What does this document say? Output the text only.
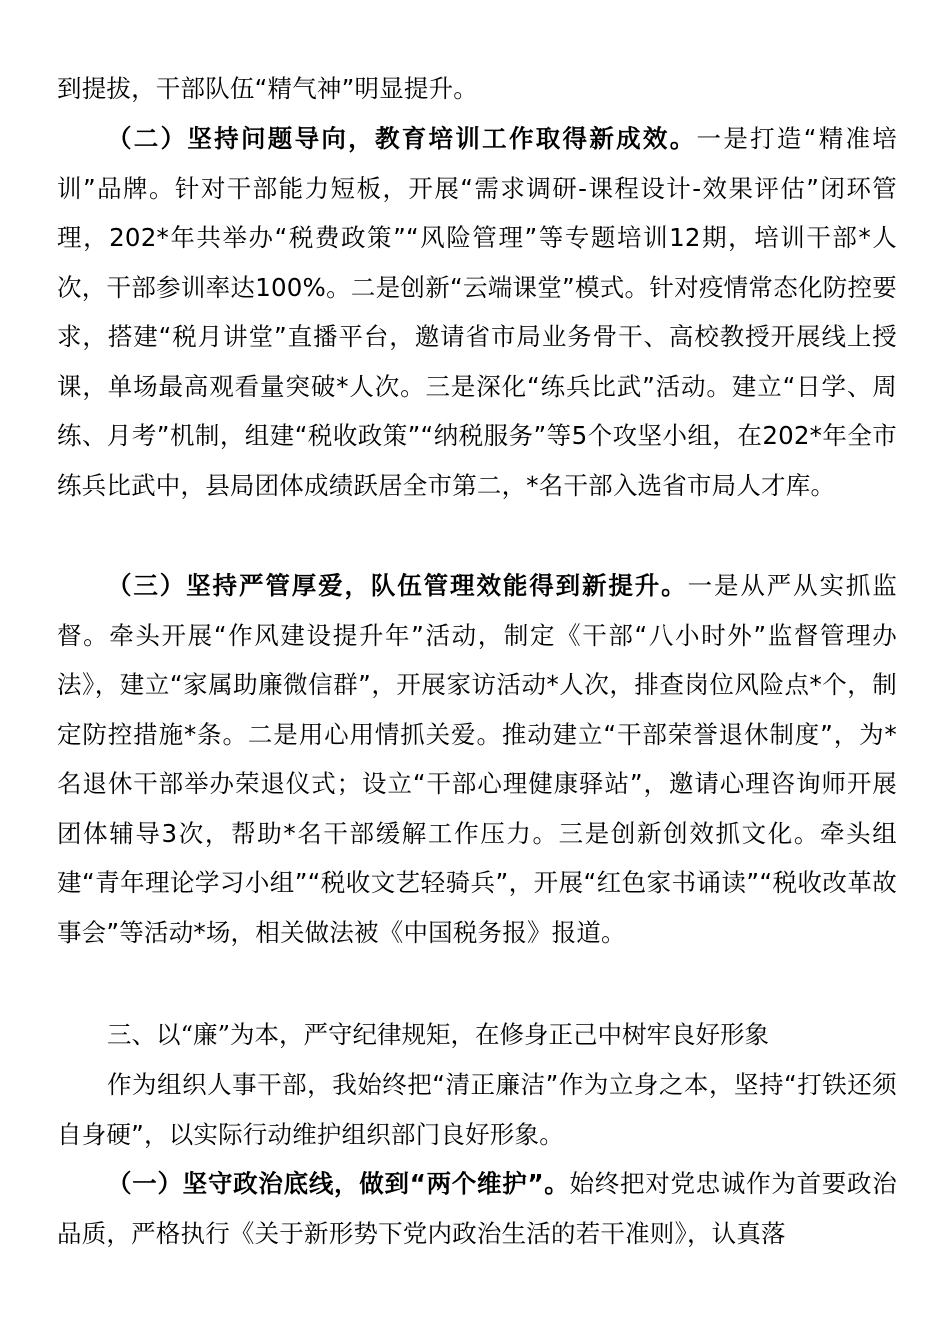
到提拔，干部队伍“精气神”明显提升。

（二）坚持问题导向，教育培训工作取得新成效。一是打造“精准培训”品牌。针对干部能力短板，开展“需求调研-课程设计-效果评估”闭环管理，202*年共举办“税费政策”“风险管理”等专题培训12期，培训干部*人次，干部参训率达100%。二是创新“云端课堂”模式。针对疫情常态化防控要求，搭建“税月讲堂”直播平台，邀请省市局业务骨干、高校教授开展线上授课，单场最高观看量突破*人次。三是深化“练兵比武”活动。建立“日学、周练、月考”机制，组建“税收政策”“纳税服务”等5个攻坚小组，在202*年全市练兵比武中，县局团体成绩跃居全市第二，*名干部入选省市局人才库。

（三）坚持严管厚爱，队伍管理效能得到新提升。一是从严从实抓监督。牵头开展“作风建设提升年”活动，制定《干部“八小时外”监督管理办法》，建立“家属助廉微信群”，开展家访活动*人次，排查岗位风险点*个，制定防控措施*条。二是用心用情抓关爱。推动建立“干部荣誉退休制度”，为*名退休干部举办荣退仪式；设立“干部心理健康驿站”，邀请心理咨询师开展团体辅导3次，帮助*名干部缓解工作压力。三是创新创效抓文化。牵头组建“青年理论学习小组”“税收文艺轻骑兵”，开展“红色家书诵读”“税收改革故事会”等活动*场，相关做法被《中国税务报》报道。

三、以“廉”为本，严守纪律规矩，在修身正己中树牢良好形象

作为组织人事干部，我始终把“清正廉洁”作为立身之本，坚持“打铁还须自身硬”，以实际行动维护组织部门良好形象。

（一）坚守政治底线，做到“两个维护”。始终把对党忠诚作为首要政治品质，严格执行《关于新形势下党内政治生活的若干准则》，认真落
